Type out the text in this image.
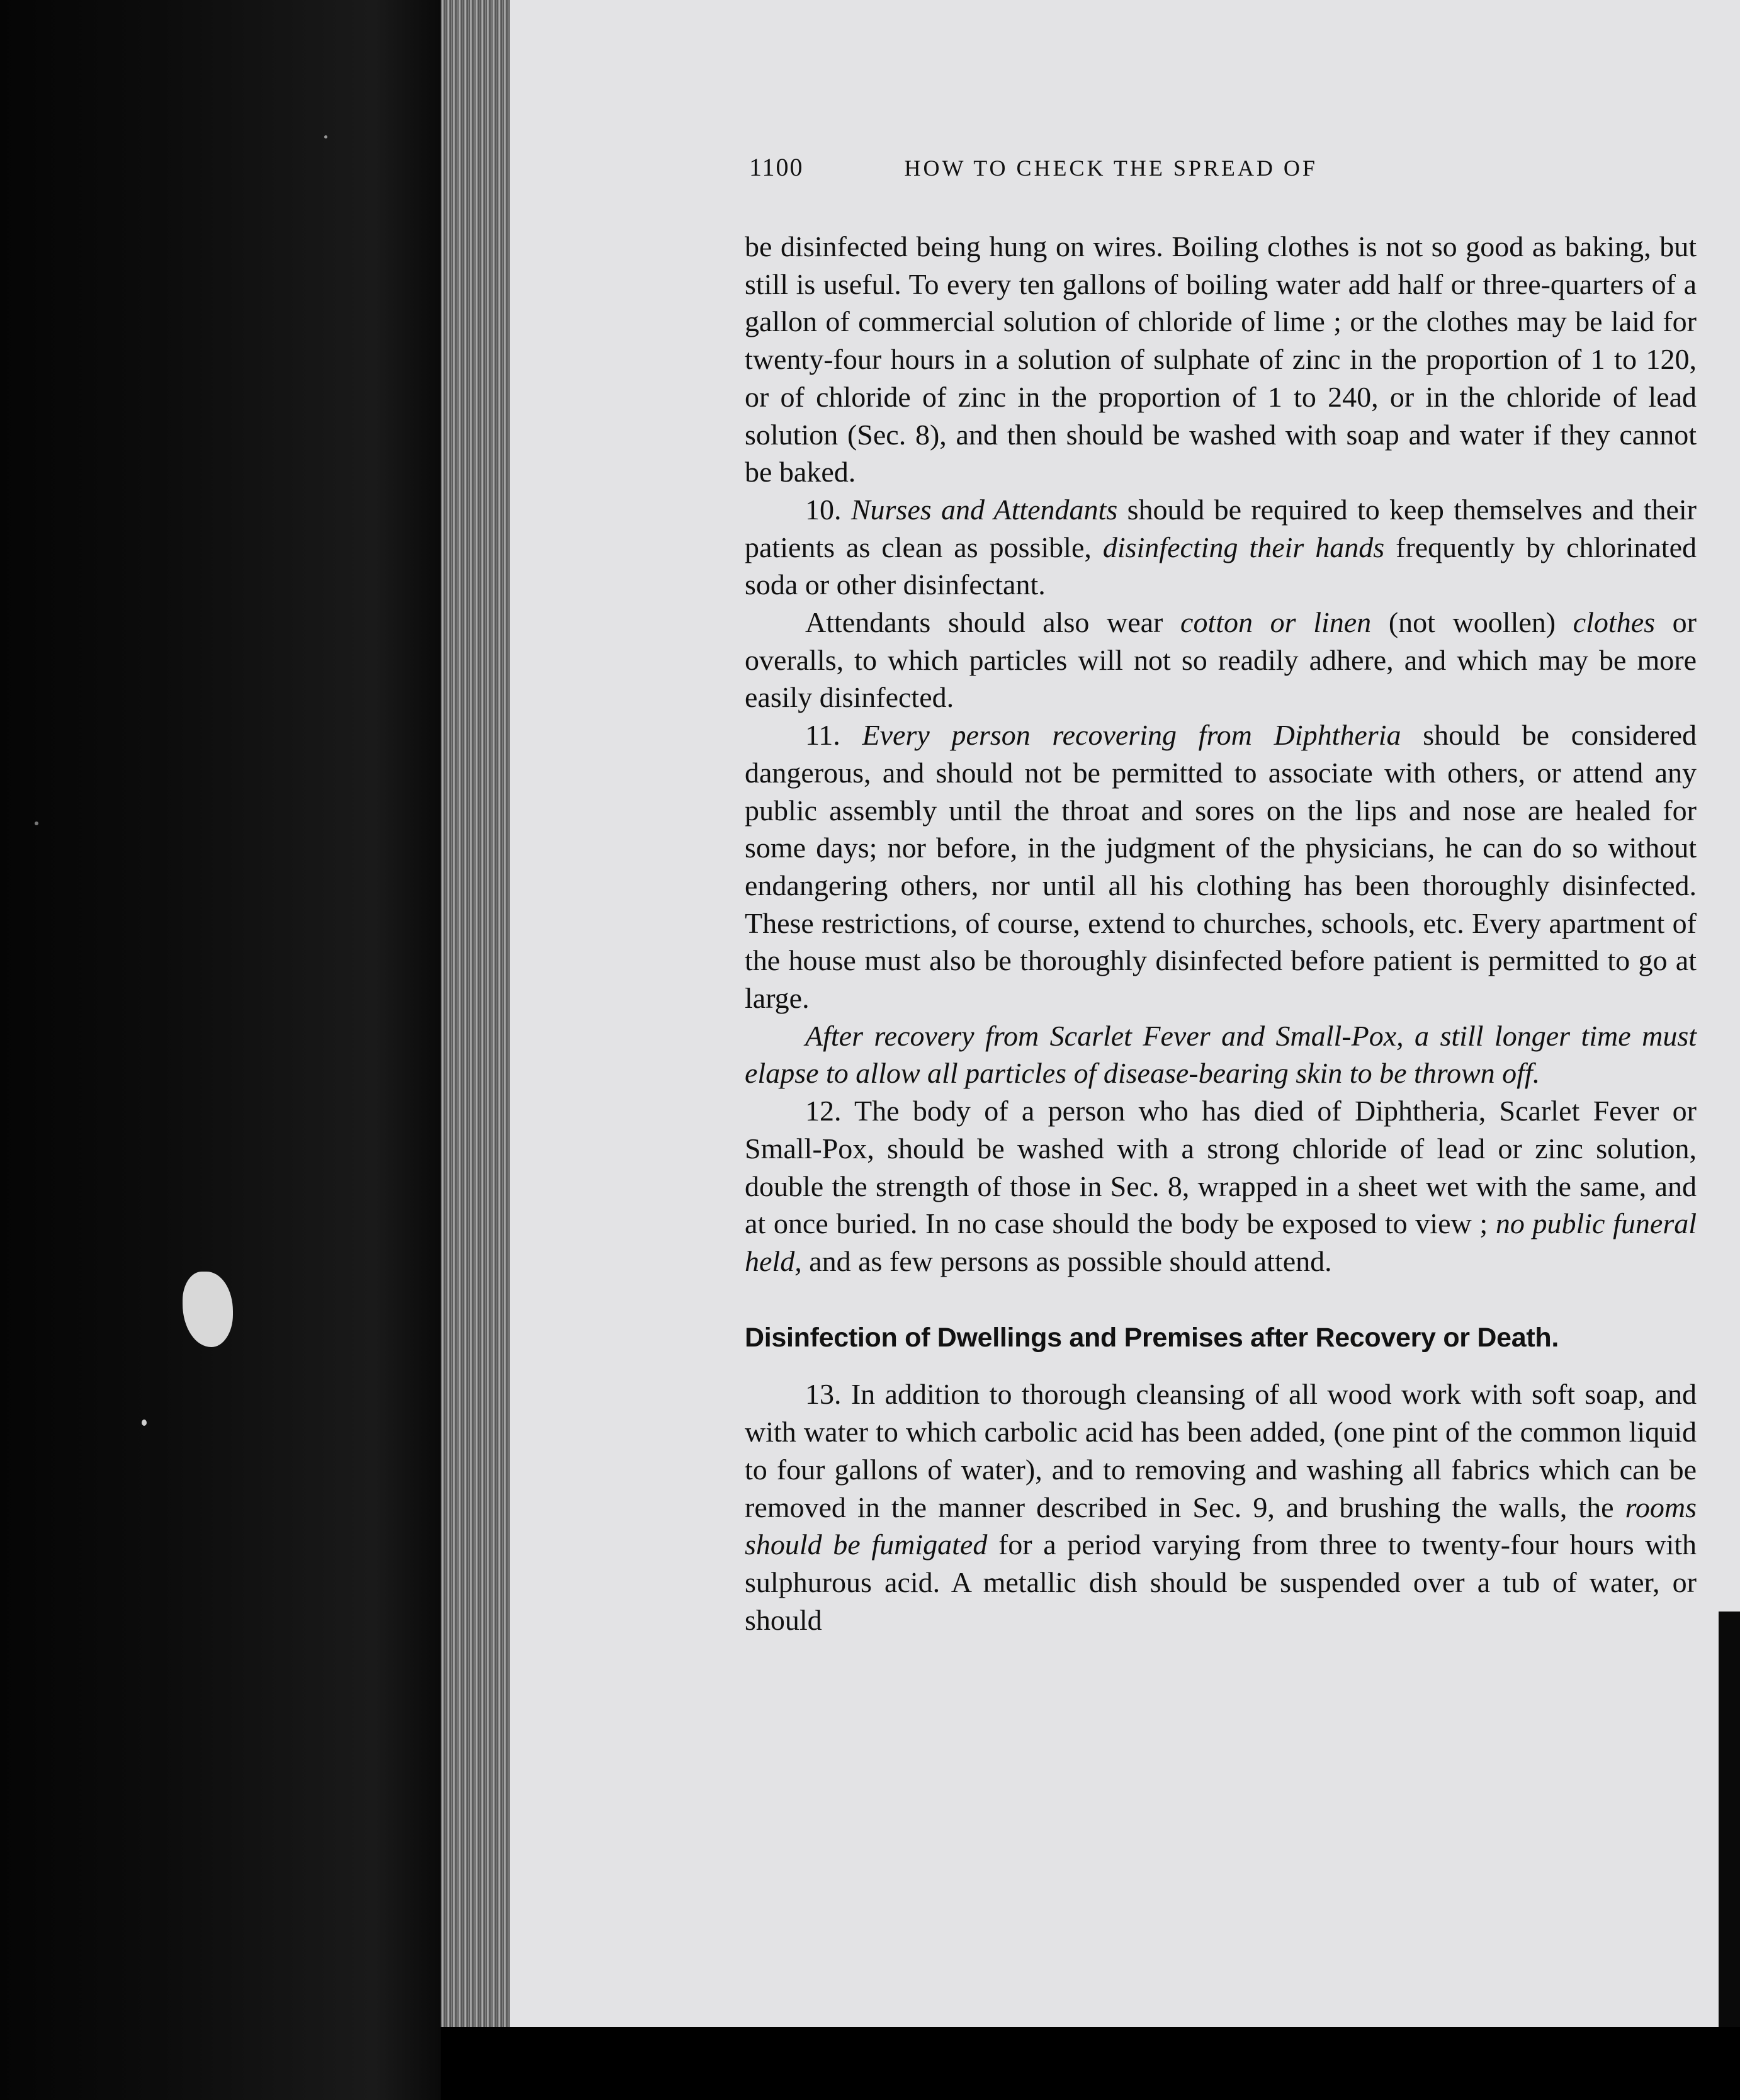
1100	HOW TO CHECK THE SPREAD OF

be disinfected being hung on wires. Boiling clothes is not so good as baking, but still is useful. To every ten gallons of boiling water add half or three-quarters of a gallon of commercial solution of chloride of lime ; or the clothes may be laid for twenty-four hours in a solution of sulphate of zinc in the proportion of 1 to 120, or of chloride of zinc in the proportion of 1 to 240, or in the chloride of lead solution (Sec. 8), and then should be washed with soap and water if they cannot be baked.

10. Nurses and Attendants should be required to keep themselves and their patients as clean as possible, disinfecting their hands frequently by chlorinated soda or other disinfectant.

Attendants should also wear cotton or linen (not woollen) clothes or overalls, to which particles will not so readily adhere, and which may be more easily disinfected.

11. Every person recovering from Diphtheria should be considered dangerous, and should not be permitted to associate with others, or attend any public assembly until the throat and sores on the lips and nose are healed for some days; nor before, in the judgment of the physicians, he can do so without endangering others, nor until all his clothing has been thoroughly disinfected. These restrictions, of course, extend to churches, schools, etc. Every apartment of the house must also be thoroughly disinfected before patient is permitted to go at large.

After recovery from Scarlet Fever and Small-Pox, a still longer time must elapse to allow all particles of disease-bearing skin to be thrown off.

12. The body of a person who has died of Diphtheria, Scarlet Fever or Small-Pox, should be washed with a strong chloride of lead or zinc solution, double the strength of those in Sec. 8, wrapped in a sheet wet with the same, and at once buried. In no case should the body be exposed to view ; no public funeral held, and as few persons as possible should attend.

Disinfection of Dwellings and Premises after Recovery or Death.

13. In addition to thorough cleansing of all wood work with soft soap, and with water to which carbolic acid has been added, (one pint of the common liquid to four gallons of water), and to removing and washing all fabrics which can be removed in the manner described in Sec. 9, and brushing the walls, the rooms should be fumigated for a period varying from three to twenty-four hours with sulphurous acid. A metallic dish should be suspended over a tub of water, or should
